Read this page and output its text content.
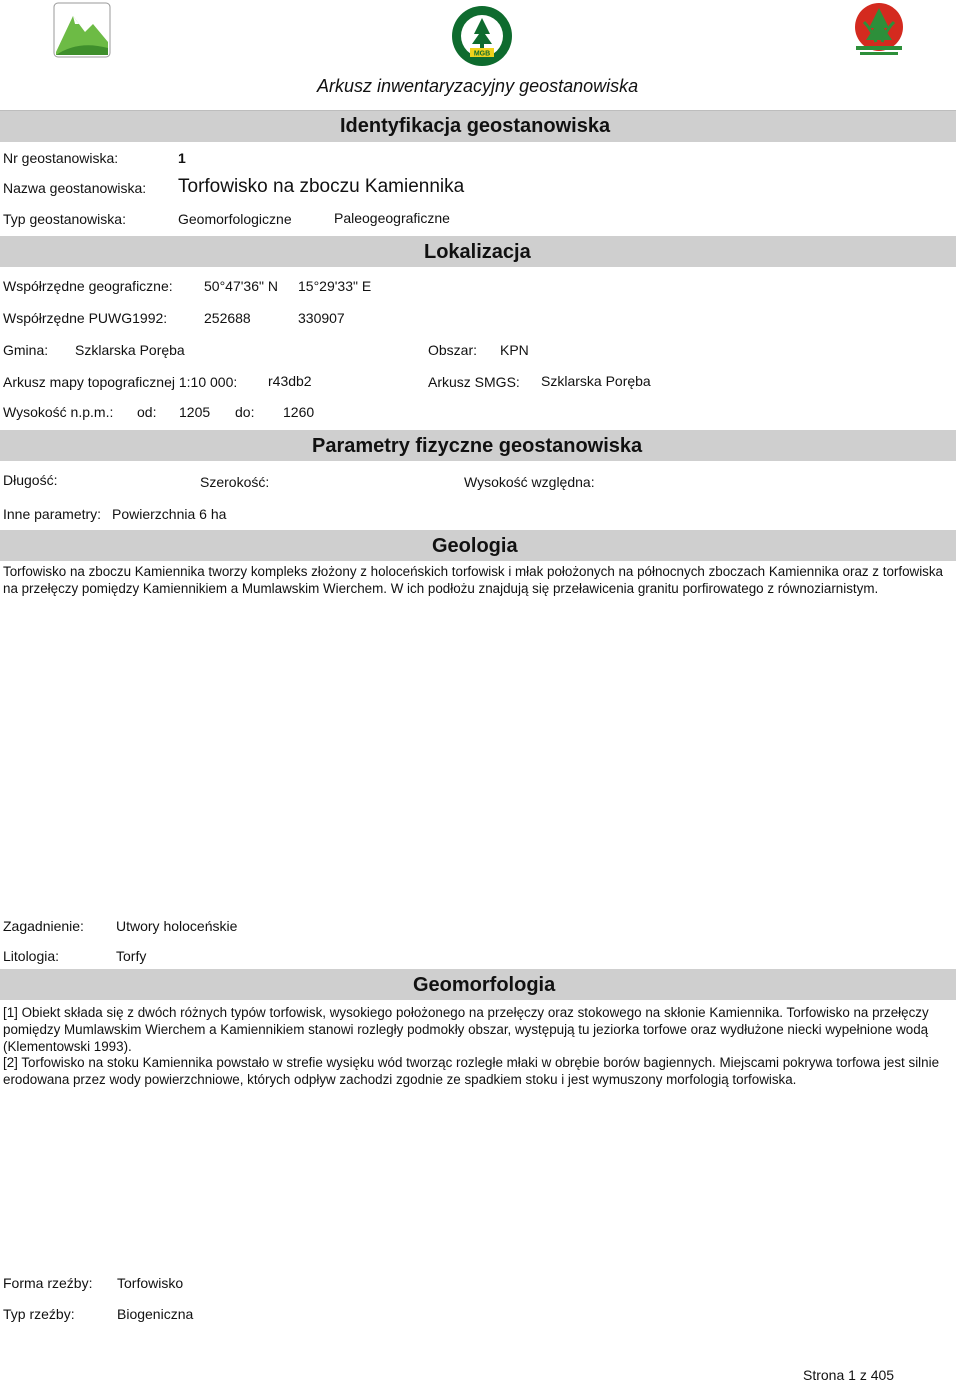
MGB
Arkusz inwentaryzacyjny geostanowiska
Identyfikacja geostanowiska
Nr geostanowiska:	1
Nazwa geostanowiska: Torfowisko na zboczu Kamiennika
Typ geostanowiska:	Geomorfologiczne	Paleogeograficzne
Lokalizacja
Współrzędne geograficzne: 50°47'36" N 15°29'33" E
Współrzędne PUWG1992:	252688	330907
Gmina: Szklarska Poręba	Obszar: KPN
Arkusz mapy topograficznej 1:10 000: r43db2	Arkusz SMGS: Szklarska Poręba
Wysokość n.p.m.: od: 1205 do: 1260
Parametry fizyczne geostanowiska
Długość:	Szerokość:	Wysokość względna:
Inne parametry: Powierzchnia 6 ha
Geologia

Torfowisko na zboczu Kamiennika tworzy kompleks złożony z holoceńskich torfowisk i młak położonych na północnych zboczach Kamiennika oraz z torfowiska na przełęczy pomiędzy Kamiennikiem a Mumlawskim Wierchem. W ich podłożu znajdują się przeławicenia granitu porfirowatego z równoziarnistym.

Zagadnienie: Utwory holoceńskie
Litologia:	Torfy
Geomorfologia

[1] Obiekt składa się z dwóch różnych typów torfowisk, wysokiego położonego na przełęczy oraz stokowego na skłonie Kamiennika. Torfowisko na przełęczy pomiędzy Mumlawskim Wierchem a Kamiennikiem stanowi rozległy podmokły obszar, występują tu jeziorka torfowe oraz wydłużone niecki wypełnione wodą (Klementowski 1993).

[2] Torfowisko na stoku Kamiennika powstało w strefie wysięku wód tworząc rozległe młaki w obrębie borów bagiennych. Miejscami pokrywa torfowa jest silnie erodowana przez wody powierzchniowe, których odpływ zachodzi zgodnie ze spadkiem stoku i jest wymuszony morfologią torfowiska.

Forma rzeźby: Torfowisko
Typ rzeźby:	Biogeniczna
Strona 1 z 405
